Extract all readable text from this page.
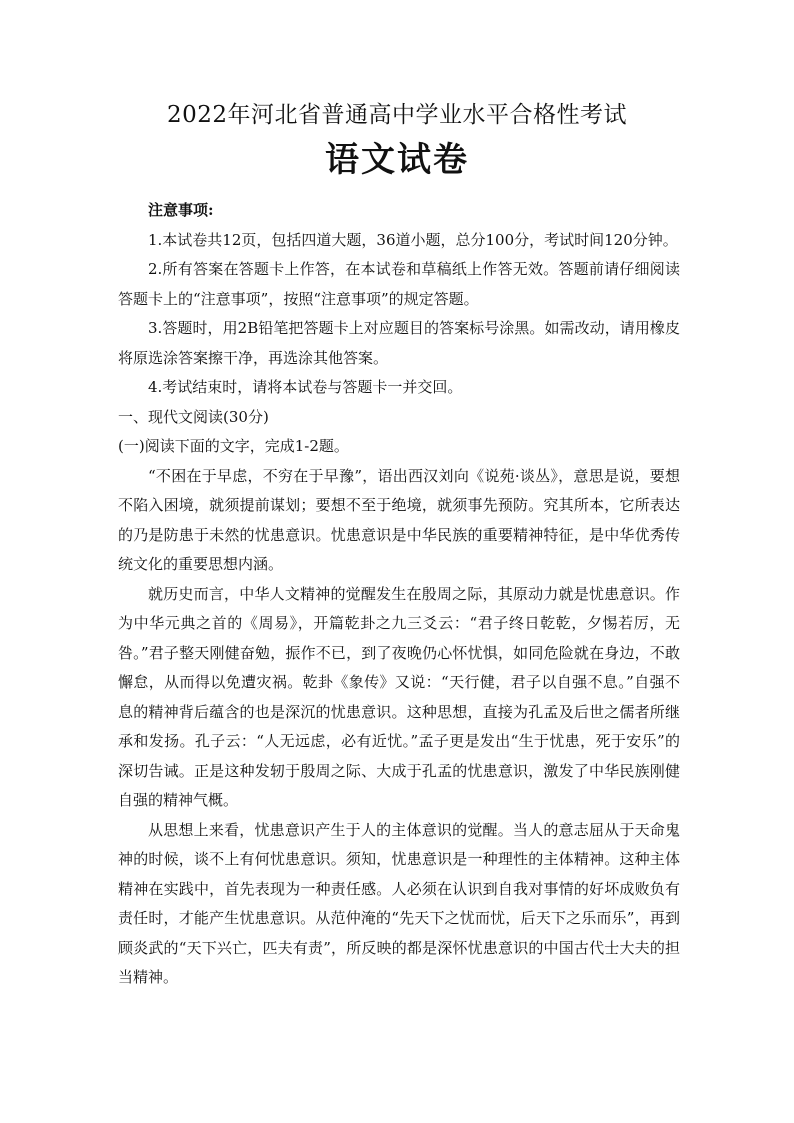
2022年河北省普通高中学业水平合格性考试
语文试卷

注意事项:

1.本试卷共12页，包括四道大题，36道小题，总分100分，考试时间120分钟。

2.所有答案在答题卡上作答，在本试卷和草稿纸上作答无效。答题前请仔细阅读答题卡上的“注意事项”，按照“注意事项”的规定答题。

3.答题时，用2B铅笔把答题卡上对应题目的答案标号涂黑。如需改动，请用橡皮将原选涂答案擦干净，再选涂其他答案。

4.考试结束时，请将本试卷与答题卡一并交回。

一、现代文阅读(30分)

(一)阅读下面的文字，完成1-2题。

“不困在于早虑，不穷在于早豫”，语出西汉刘向《说苑·谈丛》，意思是说，要想不陷入困境，就须提前谋划；要想不至于绝境，就须事先预防。究其所本，它所表达的乃是防患于未然的忧患意识。忧患意识是中华民族的重要精神特征，是中华优秀传统文化的重要思想内涵。

就历史而言，中华人文精神的觉醒发生在殷周之际，其原动力就是忧患意识。作为中华元典之首的《周易》，开篇乾卦之九三爻云：“君子终日乾乾，夕惕若厉，无咎。”君子整天刚健奋勉，振作不已，到了夜晚仍心怀忧惧，如同危险就在身边，不敢懈怠，从而得以免遭灾祸。乾卦《象传》又说：“天行健，君子以自强不息。”自强不息的精神背后蕴含的也是深沉的忧患意识。这种思想，直接为孔孟及后世之儒者所继承和发扬。孔子云：“人无远虑，必有近忧。”孟子更是发出“生于忧患，死于安乐”的深切告诫。正是这种发轫于殷周之际、大成于孔孟的忧患意识，激发了中华民族刚健自强的精神气概。

从思想上来看，忧患意识产生于人的主体意识的觉醒。当人的意志屈从于天命鬼神的时候，谈不上有何忧患意识。须知，忧患意识是一种理性的主体精神。这种主体精神在实践中，首先表现为一种责任感。人必须在认识到自我对事情的好坏成败负有责任时，才能产生忧患意识。从范仲淹的“先天下之忧而忧，后天下之乐而乐”，再到顾炎武的“天下兴亡，匹夫有责”，所反映的都是深怀忧患意识的中国古代士大夫的担当精神。
